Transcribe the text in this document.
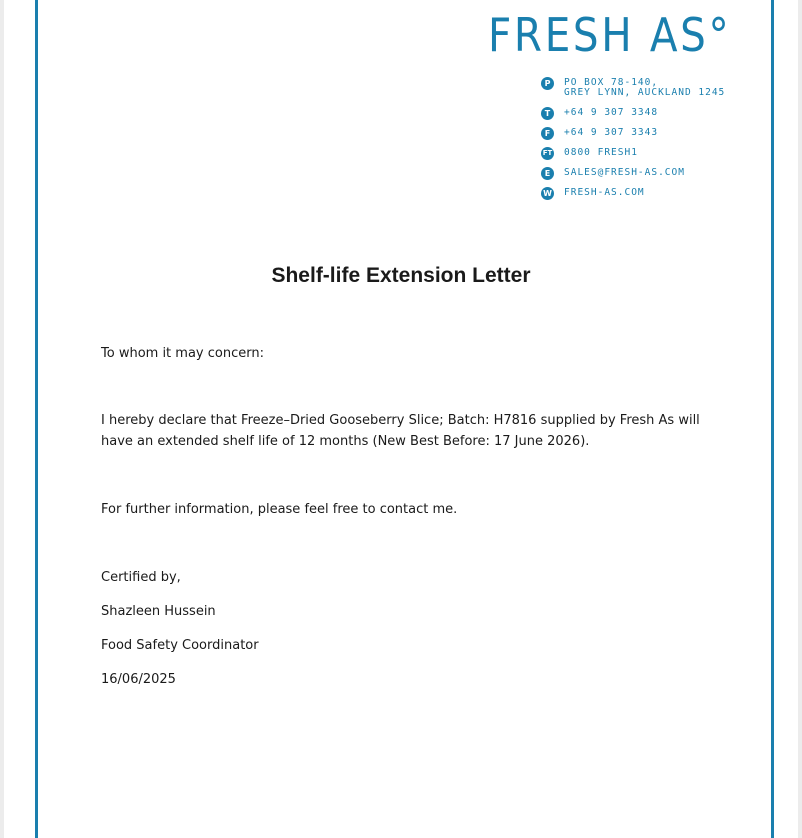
FRESH AS°
P	PO BOX 78-140,
GREY LYNN, AUCKLAND 1245
T	+64 9 307 3348
F	+64 9 307 3343
FT 0800 FRESH1
E	SALES@FRESH-AS.COM
W FRESH-AS.COM
Shelf-life Extension Letter
To whom it may concern:
I hereby declare that Freeze–Dried Gooseberry Slice; Batch: H7816 supplied by Fresh As will have an extended shelf life of 12 months (New Best Before: 17 June 2026).
For further information, please feel free to contact me.
Certified by,
Shazleen Hussein
Food Safety Coordinator
16/06/2025
